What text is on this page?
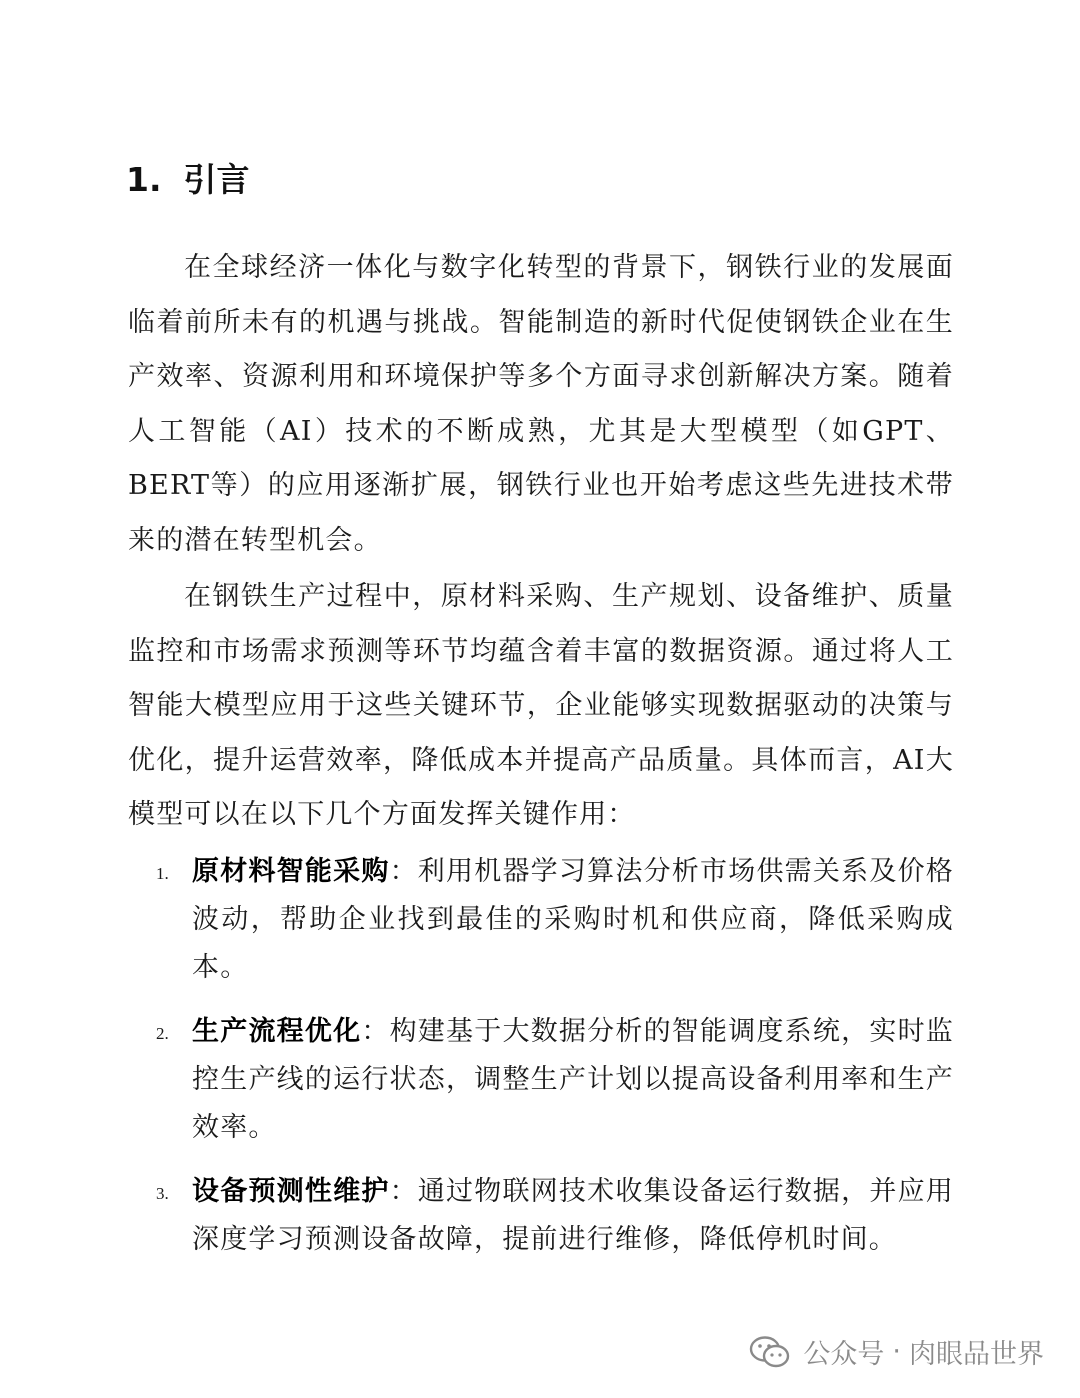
1. 引言

在全球经济一体化与数字化转型的背景下，钢铁行业的发展面临着前所未有的机遇与挑战。智能制造的新时代促使钢铁企业在生产效率、资源利用和环境保护等多个方面寻求创新解决方案。随着人工智能（AI）技术的不断成熟，尤其是大型模型（如GPT、BERT等）的应用逐渐扩展，钢铁行业也开始考虑这些先进技术带来的潜在转型机会。

在钢铁生产过程中，原材料采购、生产规划、设备维护、质量监控和市场需求预测等环节均蕴含着丰富的数据资源。通过将人工智能大模型应用于这些关键环节，企业能够实现数据驱动的决策与优化，提升运营效率，降低成本并提高产品质量。具体而言，AI大模型可以在以下几个方面发挥关键作用：

1. 原材料智能采购：利用机器学习算法分析市场供需关系及价格波动，帮助企业找到最佳的采购时机和供应商，降低采购成本。
2. 生产流程优化：构建基于大数据分析的智能调度系统，实时监控生产线的运行状态，调整生产计划以提高设备利用率和生产效率。
3. 设备预测性维护：通过物联网技术收集设备运行数据，并应用深度学习预测设备故障，提前进行维修，降低停机时间。
公众号 · 肉眼品世界
